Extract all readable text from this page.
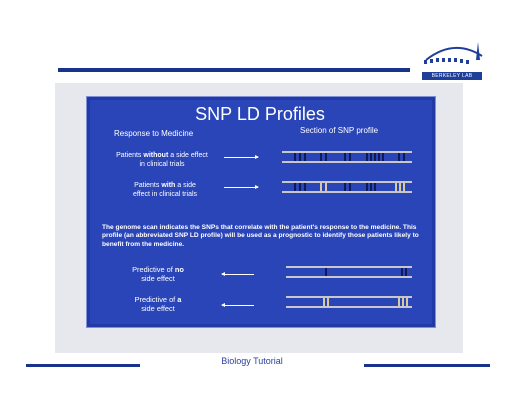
BERKELEY LAB
SNP LD Profiles
Response to Medicine	Section of SNP profile
Patients without a side effect
in clinical trials
Patients with a side
effect in clinical trials
The genome scan indicates the SNPs that correlate with the patient's response to the medicine. This profile (an abbreviated SNP LD profile) will be used as a prognostic to identify those patients likely to benefit from the medicine.
Predictive of no
side effect
Predictive of a
side effect
Biology Tutorial
